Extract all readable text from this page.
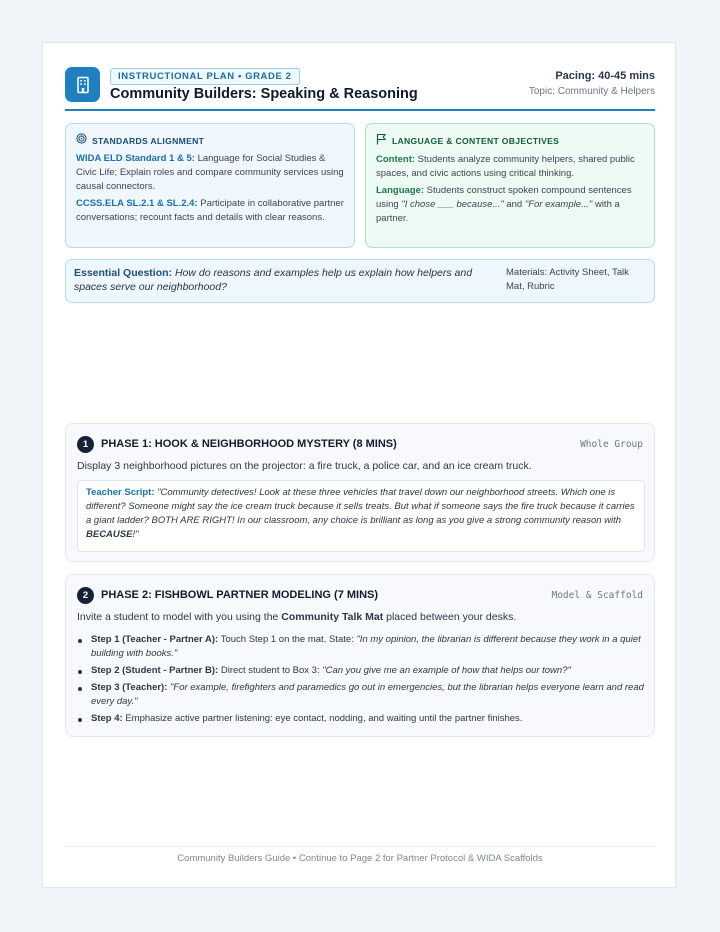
INSTRUCTIONAL PLAN • GRADE 2
Community Builders: Speaking & Reasoning
Pacing: 40-45 mins
Topic: Community & Helpers
STANDARDS ALIGNMENT

WIDA ELD Standard 1 & 5: Language for Social Studies & Civic Life; Explain roles and compare community services using causal connectors.

CCSS.ELA SL.2.1 & SL.2.4: Participate in collaborative partner conversations; recount facts and details with clear reasons.

LANGUAGE & CONTENT OBJECTIVES

Content: Students analyze community helpers, shared public spaces, and civic actions using critical thinking.

Language: Students construct spoken compound sentences using "I chose ___ because..." and "For example..." with a partner.

Essential Question: How do reasons and examples help us explain how helpers and spaces serve our neighborhood?
Materials: Activity Sheet, Talk Mat, Rubric
1	PHASE 1: HOOK & NEIGHBORHOOD MYSTERY (8 MINS)	Whole Group
Display 3 neighborhood pictures on the projector: a fire truck, a police car, and an ice cream truck.
Teacher Script: "Community detectives! Look at these three vehicles that travel down our neighborhood streets. Which one is different? Someone might say the ice cream truck because it sells treats. But what if someone says the fire truck because it carries a giant ladder? BOTH ARE RIGHT! In our classroom, any choice is brilliant as long as you give a strong community reason with BECAUSE!"
2	PHASE 2: FISHBOWL PARTNER MODELING (7 MINS)	Model & Scaffold
Invite a student to model with you using the Community Talk Mat placed between your desks.
Step 1 (Teacher - Partner A): Touch Step 1 on the mat. State: "In my opinion, the librarian is different because they work in a quiet building with books."
Step 2 (Student - Partner B): Direct student to Box 3: "Can you give me an example of how that helps our town?"
Step 3 (Teacher): "For example, firefighters and paramedics go out in emergencies, but the librarian helps everyone learn and read every day."
Step 4: Emphasize active partner listening: eye contact, nodding, and waiting until the partner finishes.
Community Builders Guide • Continue to Page 2 for Partner Protocol & WIDA Scaffolds
